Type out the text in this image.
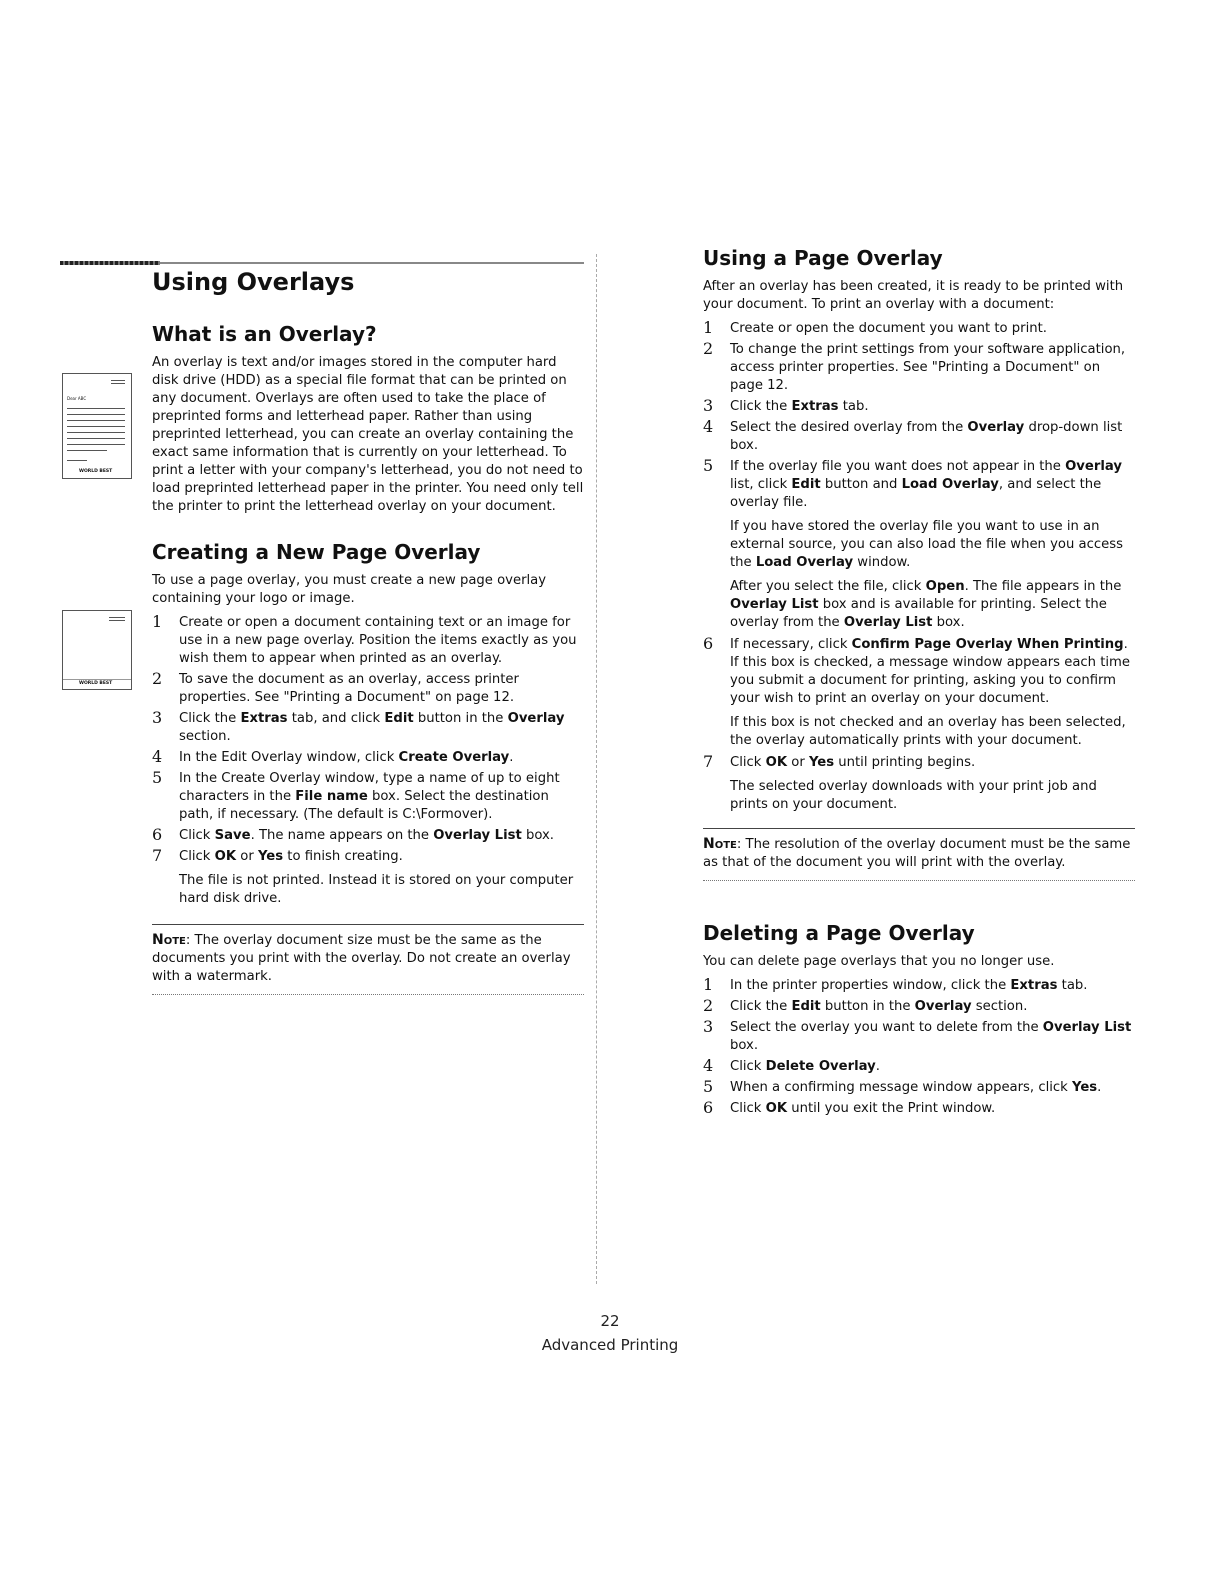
Dear ABC
WORLD BEST
WORLD BEST
Using Overlays
What is an Overlay?

An overlay is text and/or images stored in the computer hard disk drive (HDD) as a special file format that can be printed on any document. Overlays are often used to take the place of preprinted forms and letterhead paper. Rather than using preprinted letterhead, you can create an overlay containing the exact same information that is currently on your letterhead. To print a letter with your company's letterhead, you do not need to load preprinted letterhead paper in the printer. You need only tell the printer to print the letterhead overlay on your document.

Creating a New Page Overlay

To use a page overlay, you must create a new page overlay containing your logo or image.

1 Create or open a document containing text or an image for use in a new page overlay. Position the items exactly as you wish them to appear when printed as an overlay.
2 To save the document as an overlay, access printer properties. See "Printing a Document" on page 12.
3 Click the Extras tab, and click Edit button in the Overlay section.
4 In the Edit Overlay window, click Create Overlay.
5 In the Create Overlay window, type a name of up to eight characters in the File name box. Select the destination path, if necessary. (The default is C:\Formover).
6 Click Save. The name appears on the Overlay List box.
7 Click OK or Yes to finish creating.

The file is not printed. Instead it is stored on your computer hard disk drive.

Note: The overlay document size must be the same as the documents you print with the overlay. Do not create an overlay with a watermark.
Using a Page Overlay

After an overlay has been created, it is ready to be printed with your document. To print an overlay with a document:

1 Create or open the document you want to print.
2 To change the print settings from your software application, access printer properties. See "Printing a Document" on page 12.
3 Click the Extras tab.
4 Select the desired overlay from the Overlay drop-down list box.
5 If the overlay file you want does not appear in the Overlay list, click Edit button and Load Overlay, and select the overlay file.

If you have stored the overlay file you want to use in an external source, you can also load the file when you access the Load Overlay window.

After you select the file, click Open. The file appears in the Overlay List box and is available for printing. Select the overlay from the Overlay List box.

6 If necessary, click Confirm Page Overlay When Printing. If this box is checked, a message window appears each time you submit a document for printing, asking you to confirm your wish to print an overlay on your document.

If this box is not checked and an overlay has been selected, the overlay automatically prints with your document.

7 Click OK or Yes until printing begins.

The selected overlay downloads with your print job and prints on your document.

Note: The resolution of the overlay document must be the same as that of the document you will print with the overlay.
Deleting a Page Overlay

You can delete page overlays that you no longer use.

1 In the printer properties window, click the Extras tab.
2 Click the Edit button in the Overlay section.
3 Select the overlay you want to delete from the Overlay List box.
4 Click Delete Overlay.
5 When a confirming message window appears, click Yes.
6 Click OK until you exit the Print window.
22
Advanced Printing
